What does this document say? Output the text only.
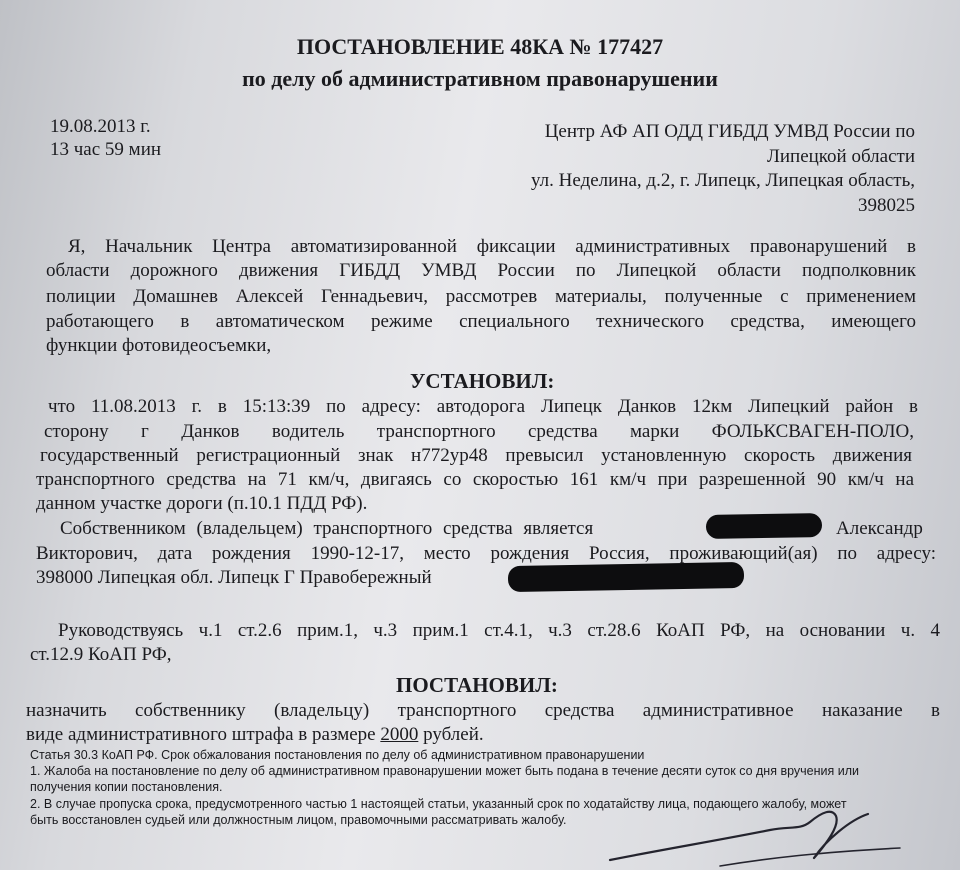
ПОСТАНОВЛЕНИЕ 48КА № 177427
по делу об административном правонарушении
19.08.2013 г.
13 час 59 мин
Центр АФ АП ОДД ГИБДД УМВД России по
Липецкой области
ул. Неделина, д.2, г. Липецк, Липецкая область,
398025
Я, Начальник Центра автоматизированной фиксации административных правонарушений в
области дорожного движения ГИБДД УМВД России по Липецкой области подполковник
полиции Домашнев Алексей Геннадьевич, рассмотрев материалы, полученные с применением
работающего в автоматическом режиме специального технического средства, имеющего
функции фотовидеосъемки,
УСТАНОВИЛ:
что 11.08.2013 г. в 15:13:39 по адресу: автодорога Липецк Данков 12км Липецкий район в
сторону г Данков водитель транспортного средства марки ФОЛЬКСВАГЕН-ПОЛО,
государственный регистрационный знак н772ур48 превысил установленную скорость движения
транспортного средства на 71 км/ч, двигаясь со скоростью 161 км/ч при разрешенной 90 км/ч на
данном участке дороги (п.10.1 ПДД РФ).
Собственником (владельцем) транспортного средства является	Александр
Викторович, дата рождения 1990-12-17, место рождения Россия, проживающий(ая) по адресу:
398000 Липецкая обл. Липецк Г Правобережный
Руководствуясь ч.1 ст.2.6 прим.1, ч.3 прим.1 ст.4.1, ч.3 ст.28.6 КоАП РФ, на основании ч. 4
ст.12.9 КоАП РФ,
ПОСТАНОВИЛ:
назначить собственнику (владельцу) транспортного средства административное наказание в
виде административного штрафа в размере 2000 рублей.
Статья 30.3 КоАП РФ. Срок обжалования постановления по делу об административном правонарушении
1. Жалоба на постановление по делу об административном правонарушении может быть подана в течение десяти суток со дня вручения или
получения копии постановления.
2. В случае пропуска срока, предусмотренного частью 1 настоящей статьи, указанный срок по ходатайству лица, подающего жалобу, может
быть восстановлен судьей или должностным лицом, правомочными рассматривать жалобу.
